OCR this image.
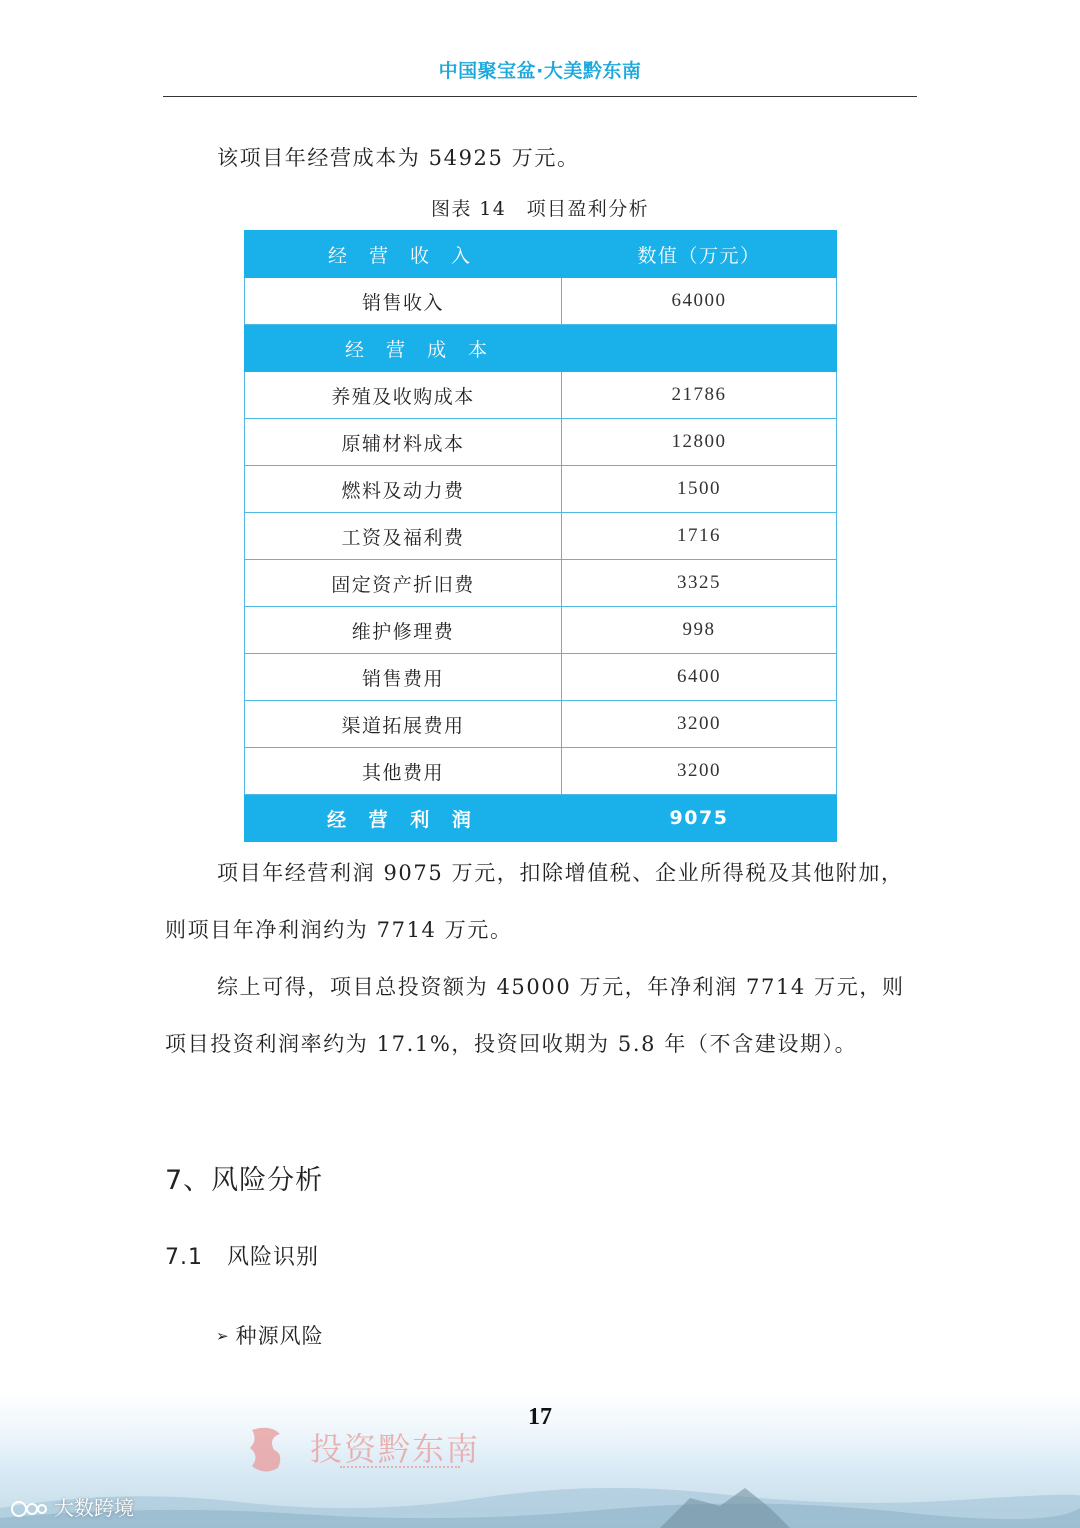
中国聚宝盆·大美黔东南

该项目年经营成本为 54925 万元。

图表 14　项目盈利分析
经 营 收 入	数值（万元）
销售收入	64000
经 营 成 本	
养殖及收购成本	21786
原辅材料成本	12800
燃料及动力费	1500
工资及福利费	1716
固定资产折旧费	3325
维护修理费	998
销售费用	6400
渠道拓展费用	3200
其他费用	3200
经 营 利 润	9075

项目年经营利润 9075 万元，扣除增值税、企业所得税及其他附加，则项目年净利润约为 7714 万元。

综上可得，项目总投资额为 45000 万元，年净利润 7714 万元，则项目投资利润率约为 17.1%，投资回收期为 5.8 年（不含建设期）。

7、风险分析
7.1 风险识别
➢ 种源风险
投资黔东南
17
大数跨境
